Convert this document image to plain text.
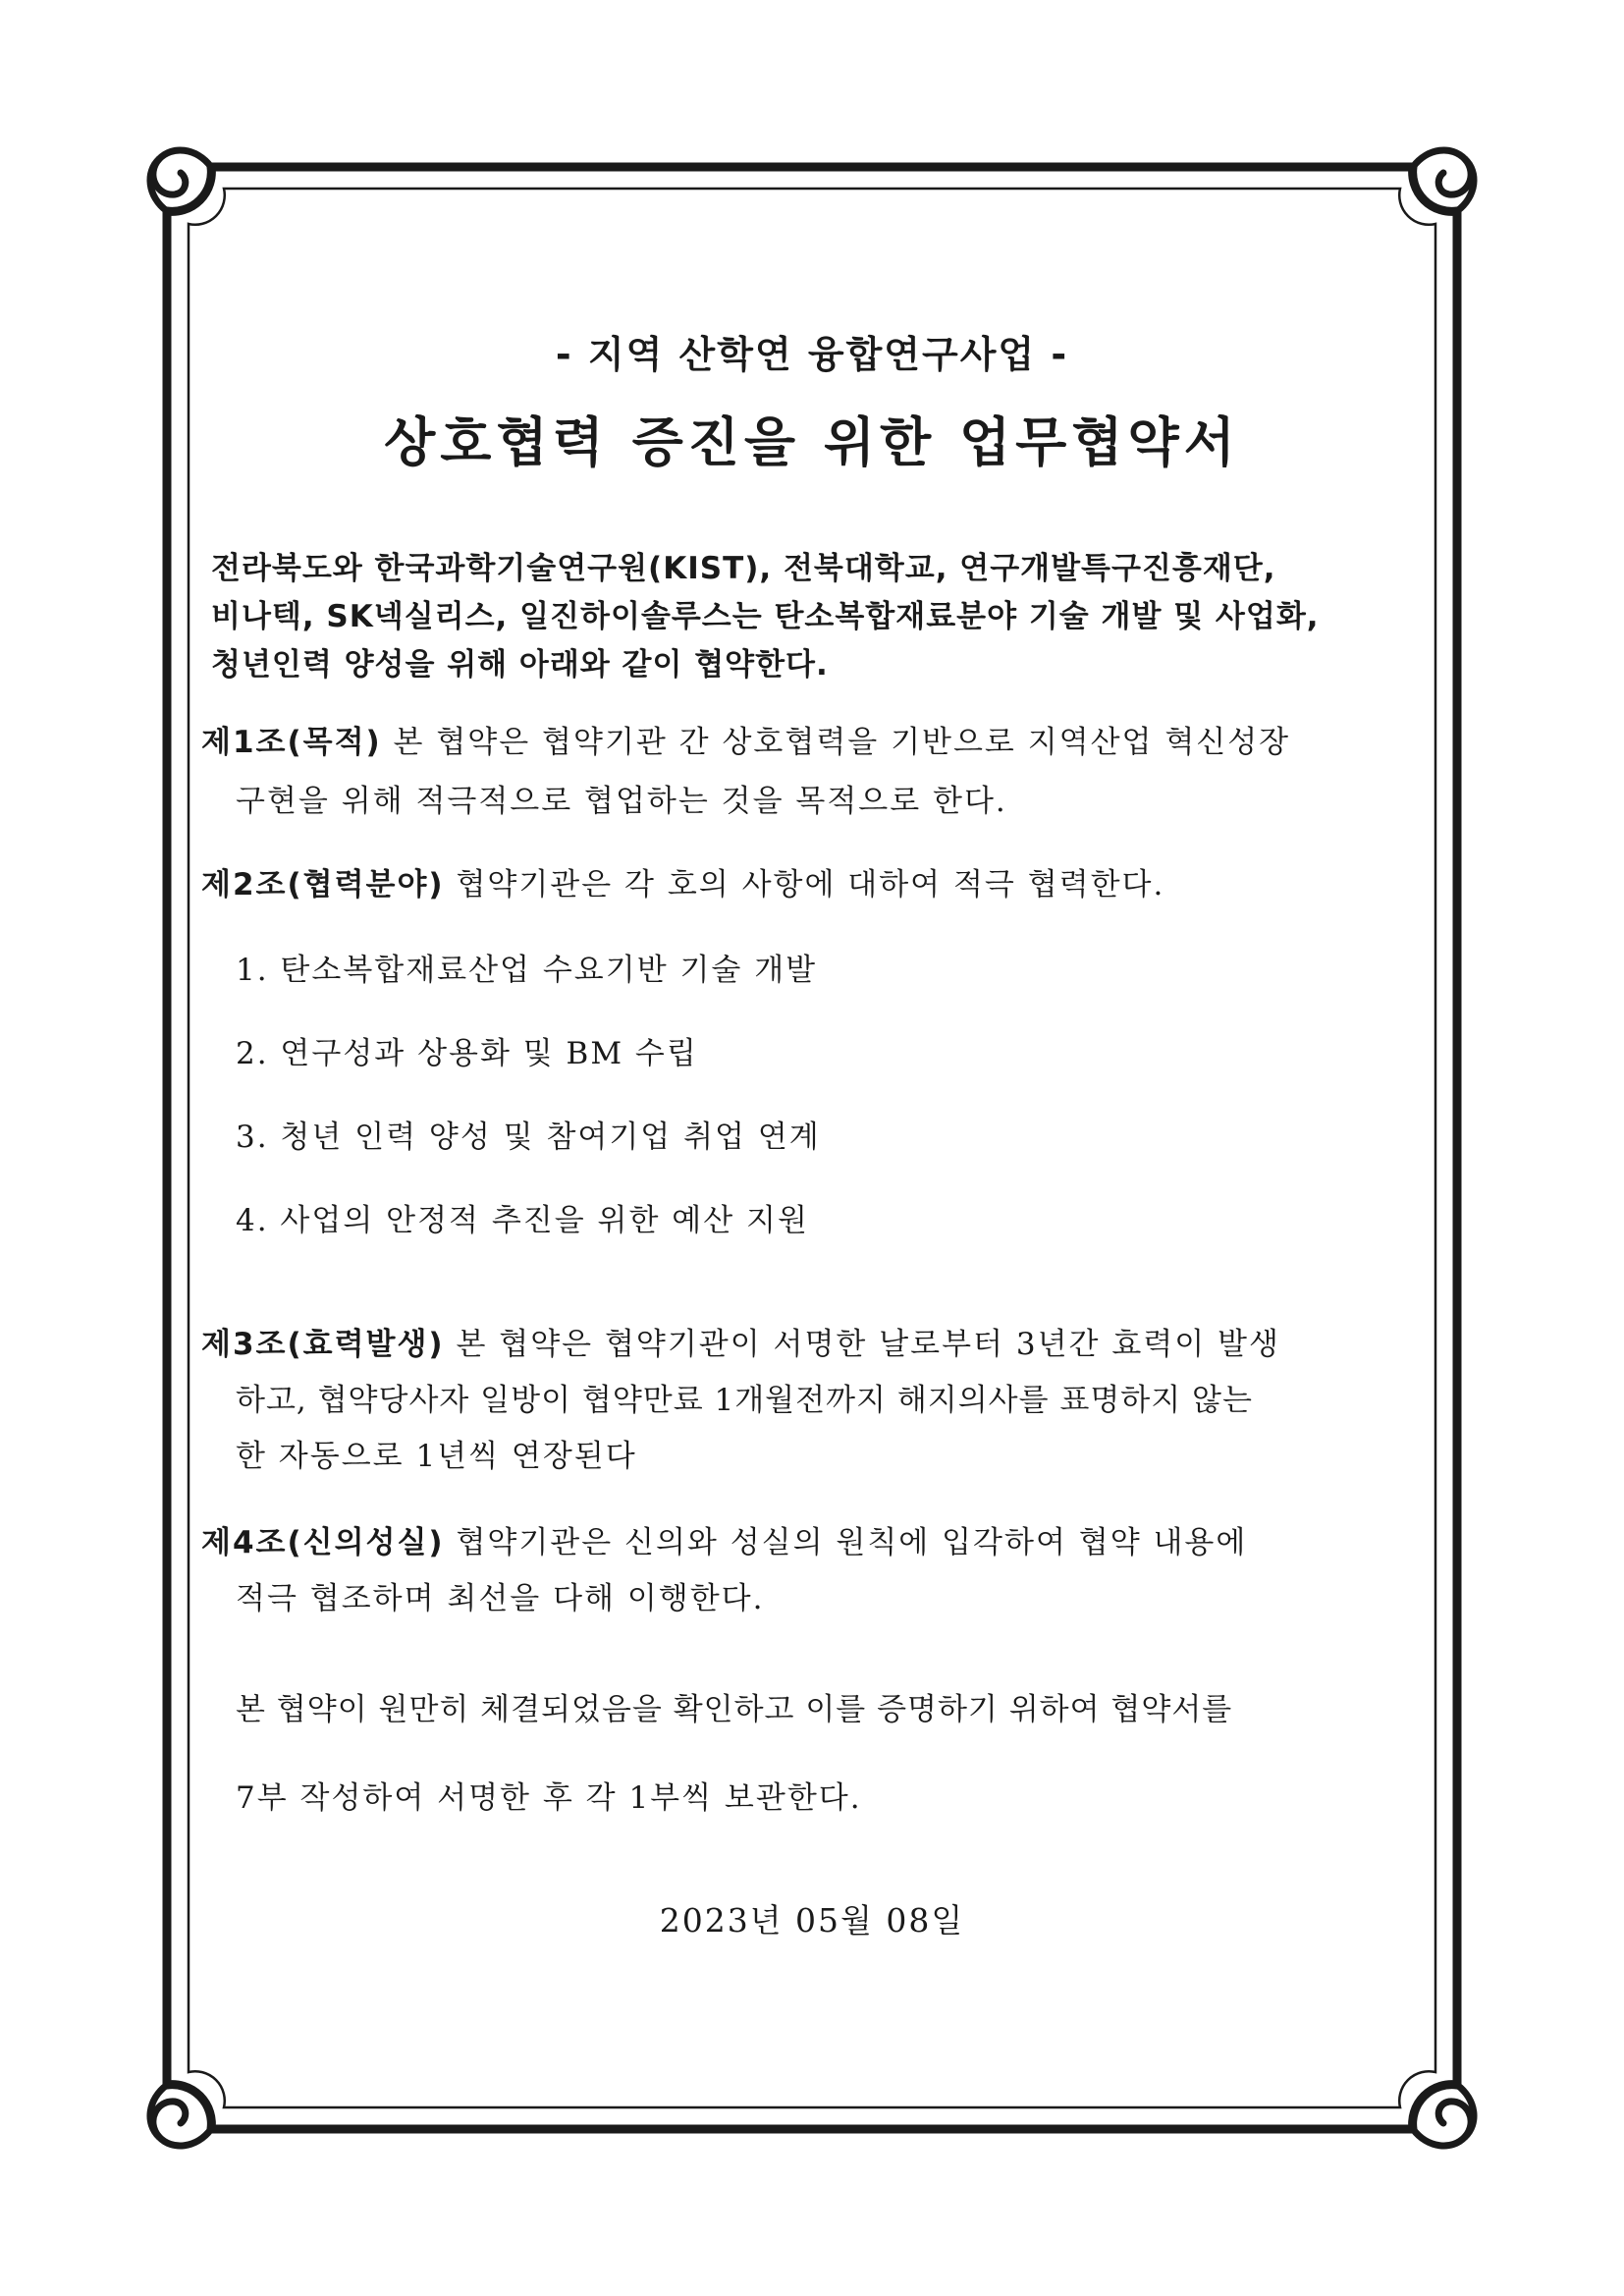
- 지역 산학연 융합연구사업 -
상호협력 증진을 위한 업무협약서
전라북도와 한국과학기술연구원(KIST), 전북대학교, 연구개발특구진흥재단,
비나텍, SK넥실리스, 일진하이솔루스는 탄소복합재료분야 기술 개발 및 사업화,
청년인력 양성을 위해 아래와 같이 협약한다.
제1조(목적) 본 협약은 협약기관 간 상호협력을 기반으로 지역산업 혁신성장
구현을 위해 적극적으로 협업하는 것을 목적으로 한다.
제2조(협력분야) 협약기관은 각 호의 사항에 대하여 적극 협력한다.
1. 탄소복합재료산업 수요기반 기술 개발
2. 연구성과 상용화 및 BM 수립
3. 청년 인력 양성 및 참여기업 취업 연계
4. 사업의 안정적 추진을 위한 예산 지원
제3조(효력발생) 본 협약은 협약기관이 서명한 날로부터 3년간 효력이 발생
하고, 협약당사자 일방이 협약만료 1개월전까지 해지의사를 표명하지 않는
한 자동으로 1년씩 연장된다
제4조(신의성실) 협약기관은 신의와 성실의 원칙에 입각하여 협약 내용에
적극 협조하며 최선을 다해 이행한다.
본 협약이 원만히 체결되었음을 확인하고 이를 증명하기 위하여 협약서를
7부 작성하여 서명한 후 각 1부씩 보관한다.
2023년 05월 08일
